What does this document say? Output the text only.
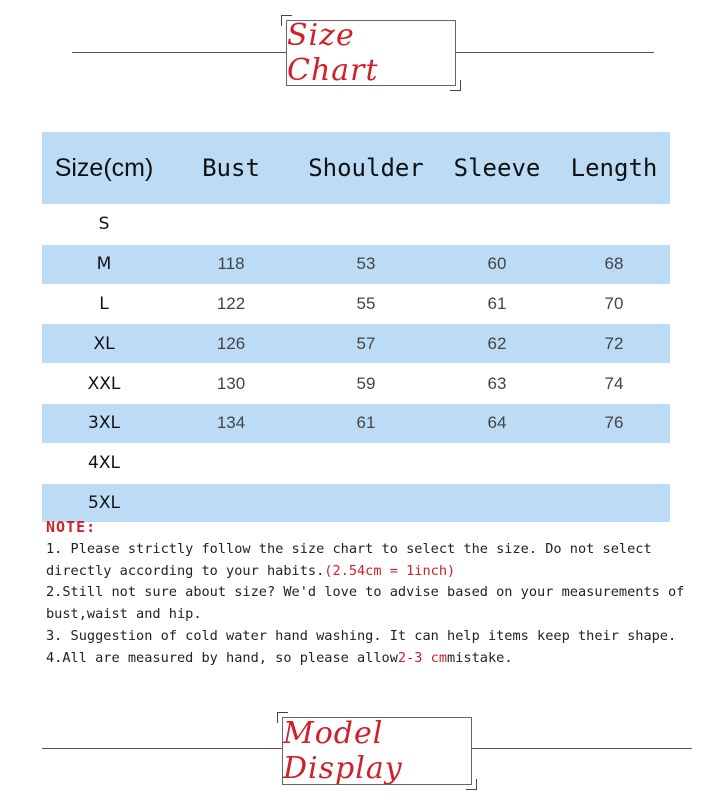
Size Chart
Size(cm)	Bust	Shoulder	Sleeve	Length
S				
M	118	53	60	68
L	122	55	61	70
XL	126	57	62	72
XXL	130	59	63	74
3XL	134	61	64	76
4XL				
5XL				

NOTE:

1. Please strictly follow the size chart to select the size. Do not select directly according to your habits.(2.54cm = 1inch)

2.Still not sure about size? We'd love to advise based on your measurements of bust,waist and hip.

3. Suggestion of cold water hand washing. It can help items keep their shape.

4.All are measured by hand, so please allow2-3 cmmistake.

Model Display
